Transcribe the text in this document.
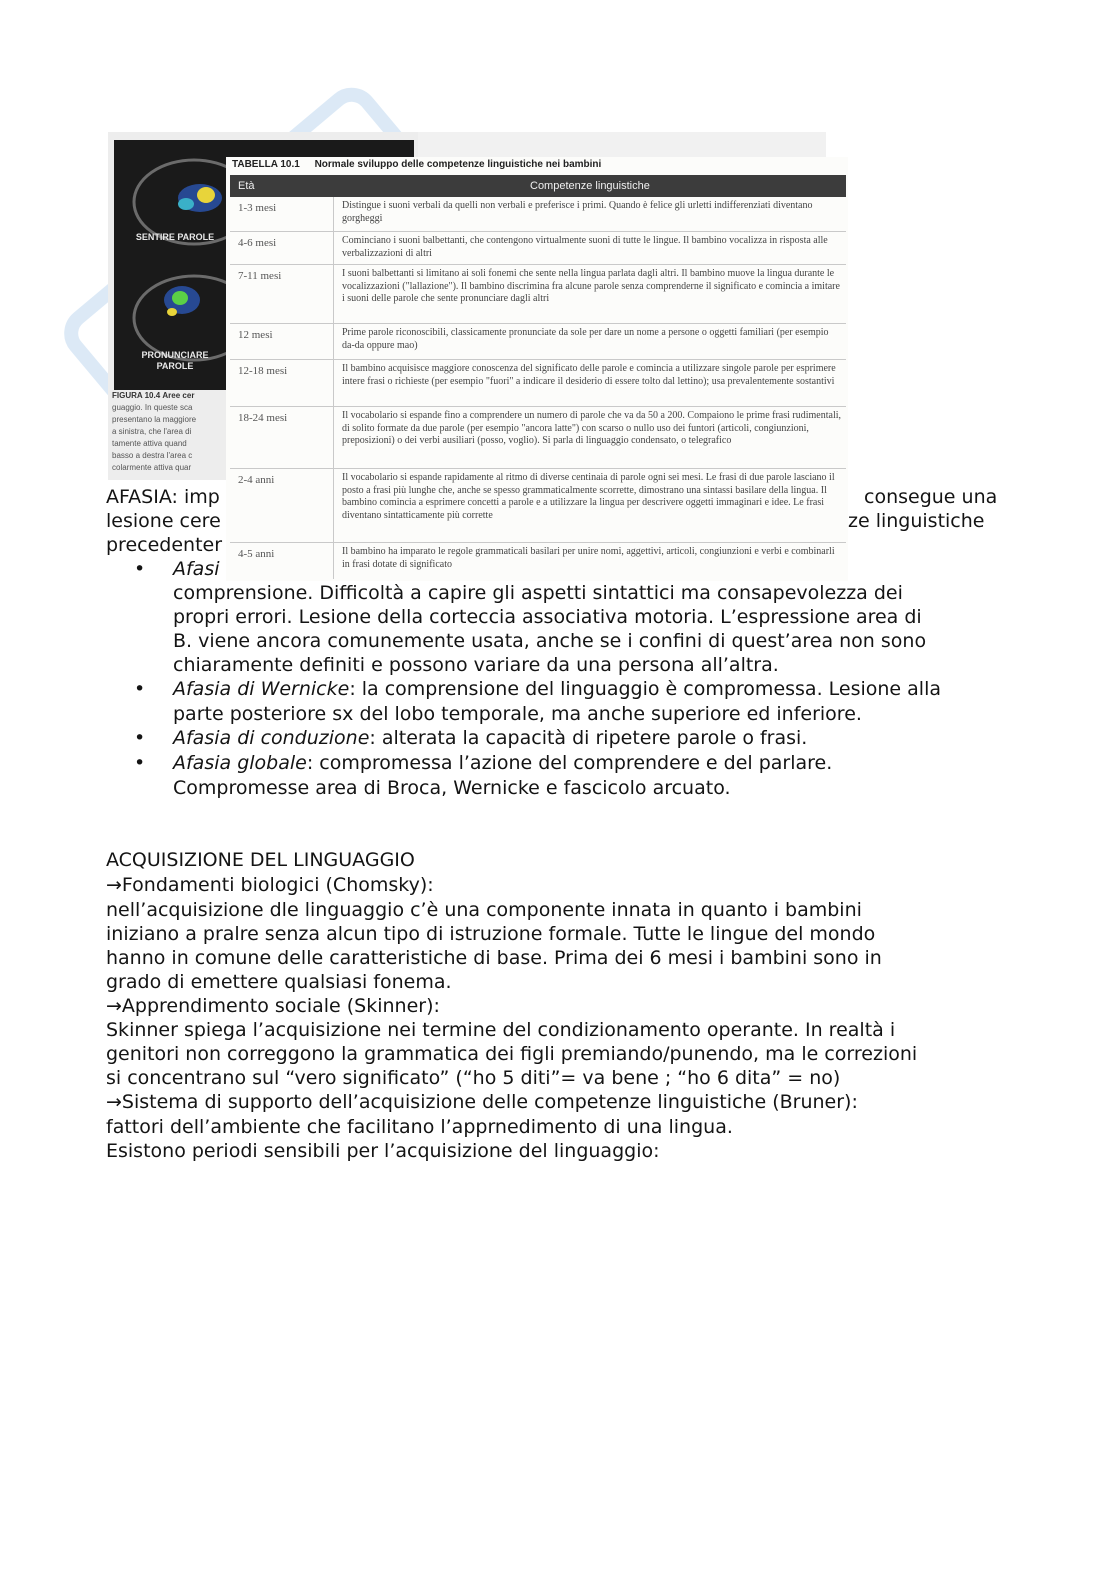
SENTIRE PAROLE
PRONUNCIARE PAROLE
FIGURA 10.4 Aree cer
guaggio. In queste sca
presentano la maggiore
a sinistra, che l'area di
tamente attiva quand
basso a destra l'area c
colarmente attiva quar
TABELLA 10.1 Normale sviluppo delle competenze linguistiche nei bambini
Età	Competenze linguistiche
1-3 mesi	Distingue i suoni verbali da quelli non verbali e preferisce i primi. Quando è felice gli urletti indifferenziati diventano gorgheggi
4-6 mesi	Cominciano i suoni balbettanti, che contengono virtualmente suoni di tutte le lingue. Il bambino vocalizza in risposta alle verbalizzazioni di altri
7-11 mesi	I suoni balbettanti si limitano ai soli fonemi che sente nella lingua parlata dagli altri. Il bambino muove la lingua durante le vocalizzazioni ("lallazione"). Il bambino discrimina fra alcune parole senza comprenderne il significato e comincia a imitare i suoni delle parole che sente pronunciare dagli altri
12 mesi	Prime parole riconoscibili, classicamente pronunciate da sole per dare un nome a persone o oggetti familiari (per esempio da-da oppure mao)
12-18 mesi	Il bambino acquisisce maggiore conoscenza del significato delle parole e comincia a utilizzare singole parole per esprimere intere frasi o richieste (per esempio "fuori" a indicare il desiderio di essere tolto dal lettino); usa prevalentemente sostantivi
18-24 mesi	Il vocabolario si espande fino a comprendere un numero di parole che va da 50 a 200. Compaiono le prime frasi rudimentali, di solito formate da due parole (per esempio "ancora latte") con scarso o nullo uso dei funtori (articoli, congiunzioni, preposizioni) o dei verbi ausiliari (posso, voglio). Si parla di linguaggio condensato, o telegrafico
2-4 anni	Il vocabolario si espande rapidamente al ritmo di diverse centinaia di parole ogni sei mesi. Le frasi di due parole lasciano il posto a frasi più lunghe che, anche se spesso grammaticalmente scorrette, dimostrano una sintassi basilare della lingua. Il bambino comincia a esprimere concetti a parole e a utilizzare la lingua per descrivere oggetti immaginari e idee. Le frasi diventano sintatticamente più corrette
4-5 anni	Il bambino ha imparato le regole grammaticali basilari per unire nomi, aggettivi, articoli, congiunzioni e verbi e combinarli in frasi dotate di significato
AFASIA: imp	consegue una
lesione cere	ze linguistiche
precedenter
• Afasi
comprensione. Difficoltà a capire gli aspetti sintattici ma consapevolezza dei
propri errori. Lesione della corteccia associativa motoria. L’espressione area di
B. viene ancora comunemente usata, anche se i confini di quest’area non sono
chiaramente definiti e possono variare da una persona all’altra.
• Afasia di Wernicke: la comprensione del linguaggio è compromessa. Lesione alla
parte posteriore sx del lobo temporale, ma anche superiore ed inferiore.
• Afasia di conduzione: alterata la capacità di ripetere parole o frasi.
• Afasia globale: compromessa l’azione del comprendere e del parlare.
Compromesse area di Broca, Wernicke e fascicolo arcuato.
ACQUISIZIONE DEL LINGUAGGIO
→Fondamenti biologici (Chomsky):
nell’acquisizione dle linguaggio c’è una componente innata in quanto i bambini
iniziano a pralre senza alcun tipo di istruzione formale. Tutte le lingue del mondo
hanno in comune delle caratteristiche di base. Prima dei 6 mesi i bambini sono in
grado di emettere qualsiasi fonema.
→Apprendimento sociale (Skinner):
Skinner spiega l’acquisizione nei termine del condizionamento operante. In realtà i
genitori non correggono la grammatica dei figli premiando/punendo, ma le correzioni
si concentrano sul “vero significato” (“ho 5 diti”= va bene ; “ho 6 dita” = no)
→Sistema di supporto dell’acquisizione delle competenze linguistiche (Bruner):
fattori dell’ambiente che facilitano l’apprnedimento di una lingua.
Esistono periodi sensibili per l’acquisizione del linguaggio:
